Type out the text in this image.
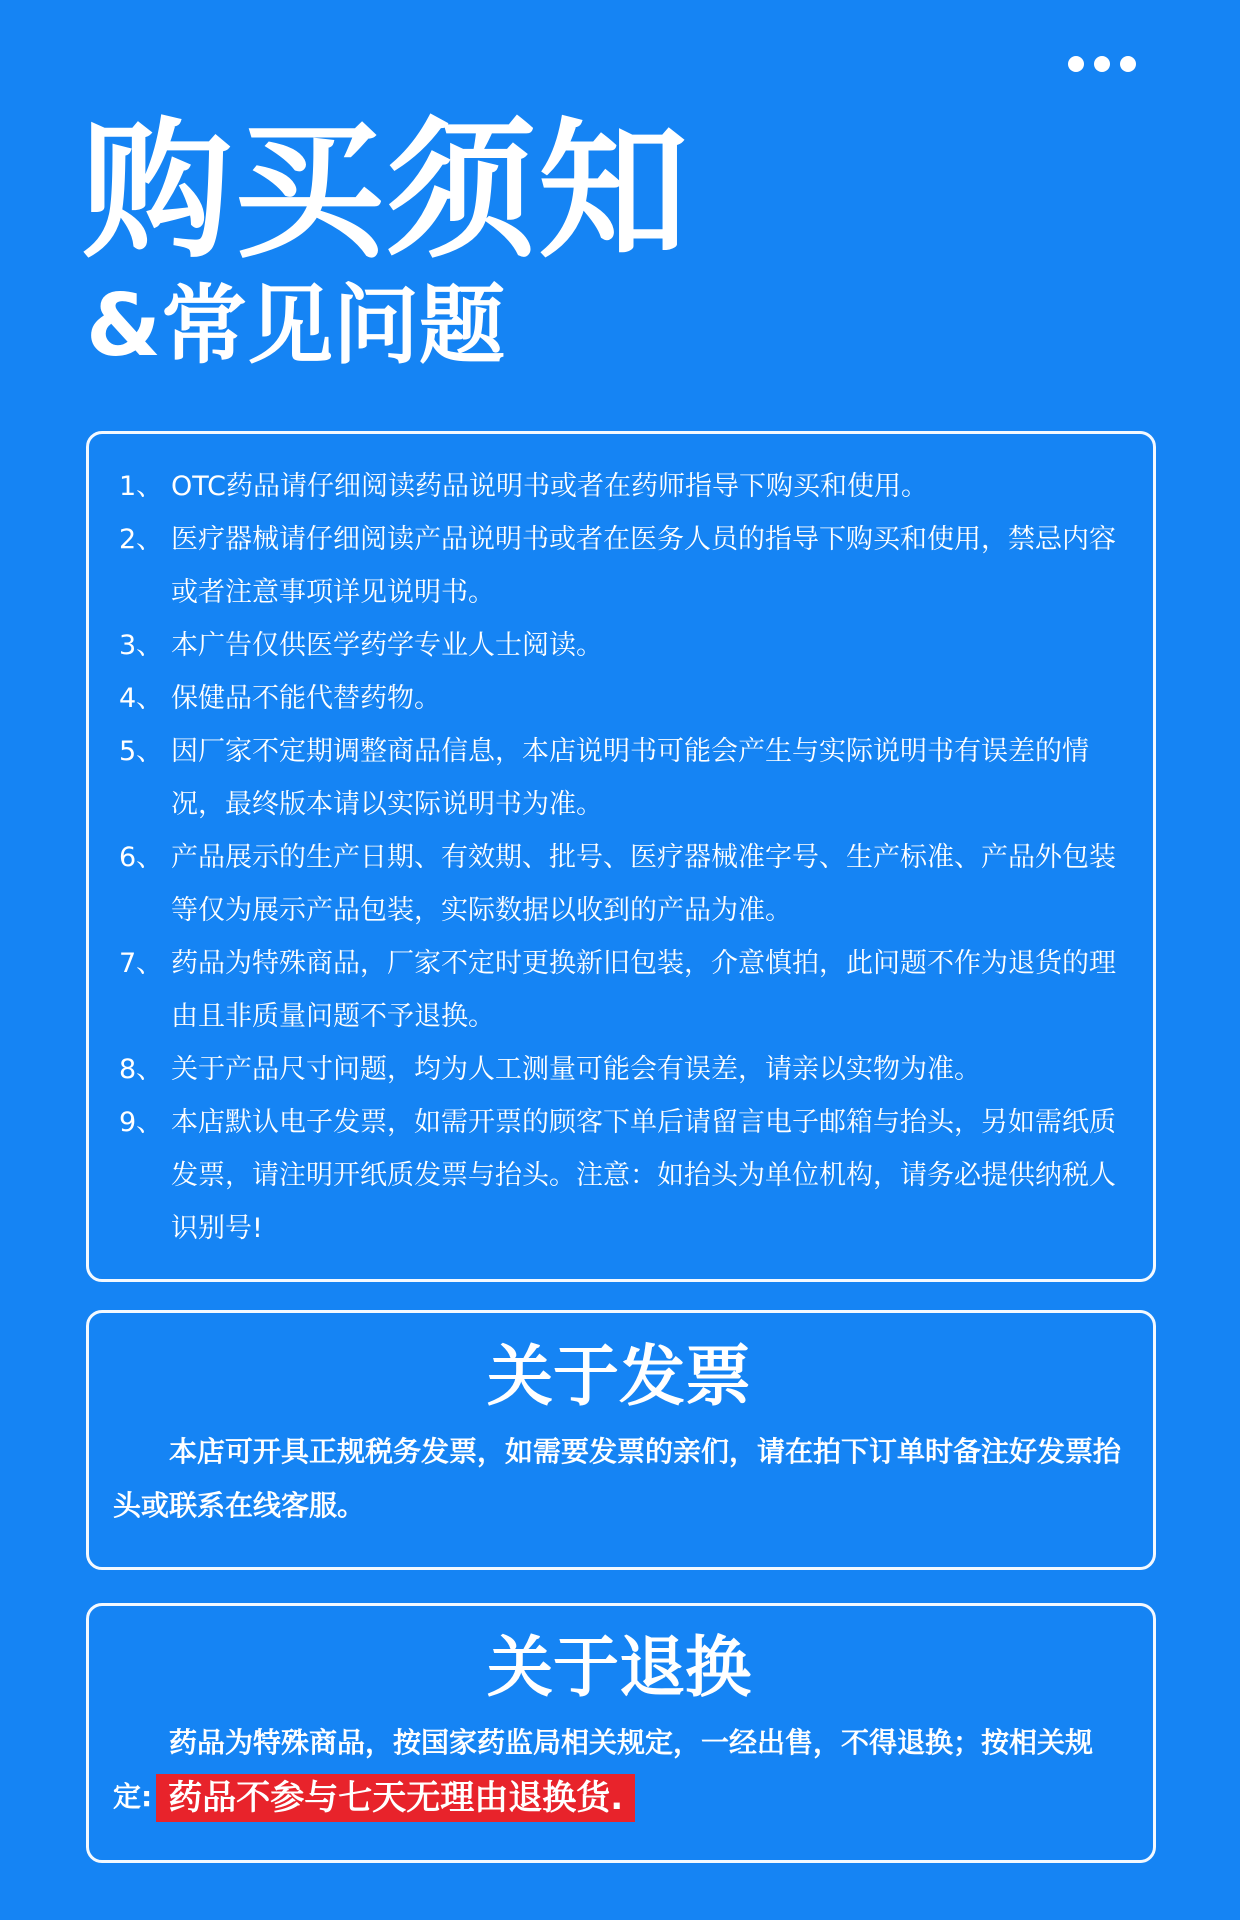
购买须知
&常见问题
1、 OTC药品请仔细阅读药品说明书或者在药师指导下购买和使用。
2、 医疗器械请仔细阅读产品说明书或者在医务人员的指导下购买和使用，禁忌内容或者注意事项详见说明书。
3、 本广告仅供医学药学专业人士阅读。
4、 保健品不能代替药物。
5、 因厂家不定期调整商品信息，本店说明书可能会产生与实际说明书有误差的情况，最终版本请以实际说明书为准。
6、 产品展示的生产日期、有效期、批号、医疗器械准字号、生产标准、产品外包装等仅为展示产品包装，实际数据以收到的产品为准。
7、 药品为特殊商品，厂家不定时更换新旧包装，介意慎拍，此问题不作为退货的理由且非质量问题不予退换。
8、 关于产品尺寸问题，均为人工测量可能会有误差，请亲以实物为准。
9、 本店默认电子发票，如需开票的顾客下单后请留言电子邮箱与抬头，另如需纸质发票，请注明开纸质发票与抬头。注意：如抬头为单位机构，请务必提供纳税人识别号!
关于发票

本店可开具正规税务发票，如需要发票的亲们，请在拍下订单时备注好发票抬头或联系在线客服。

关于退换

药品为特殊商品，按国家药监局相关规定，一经出售，不得退换；按相关规定: 药品不参与七天无理由退换货.
